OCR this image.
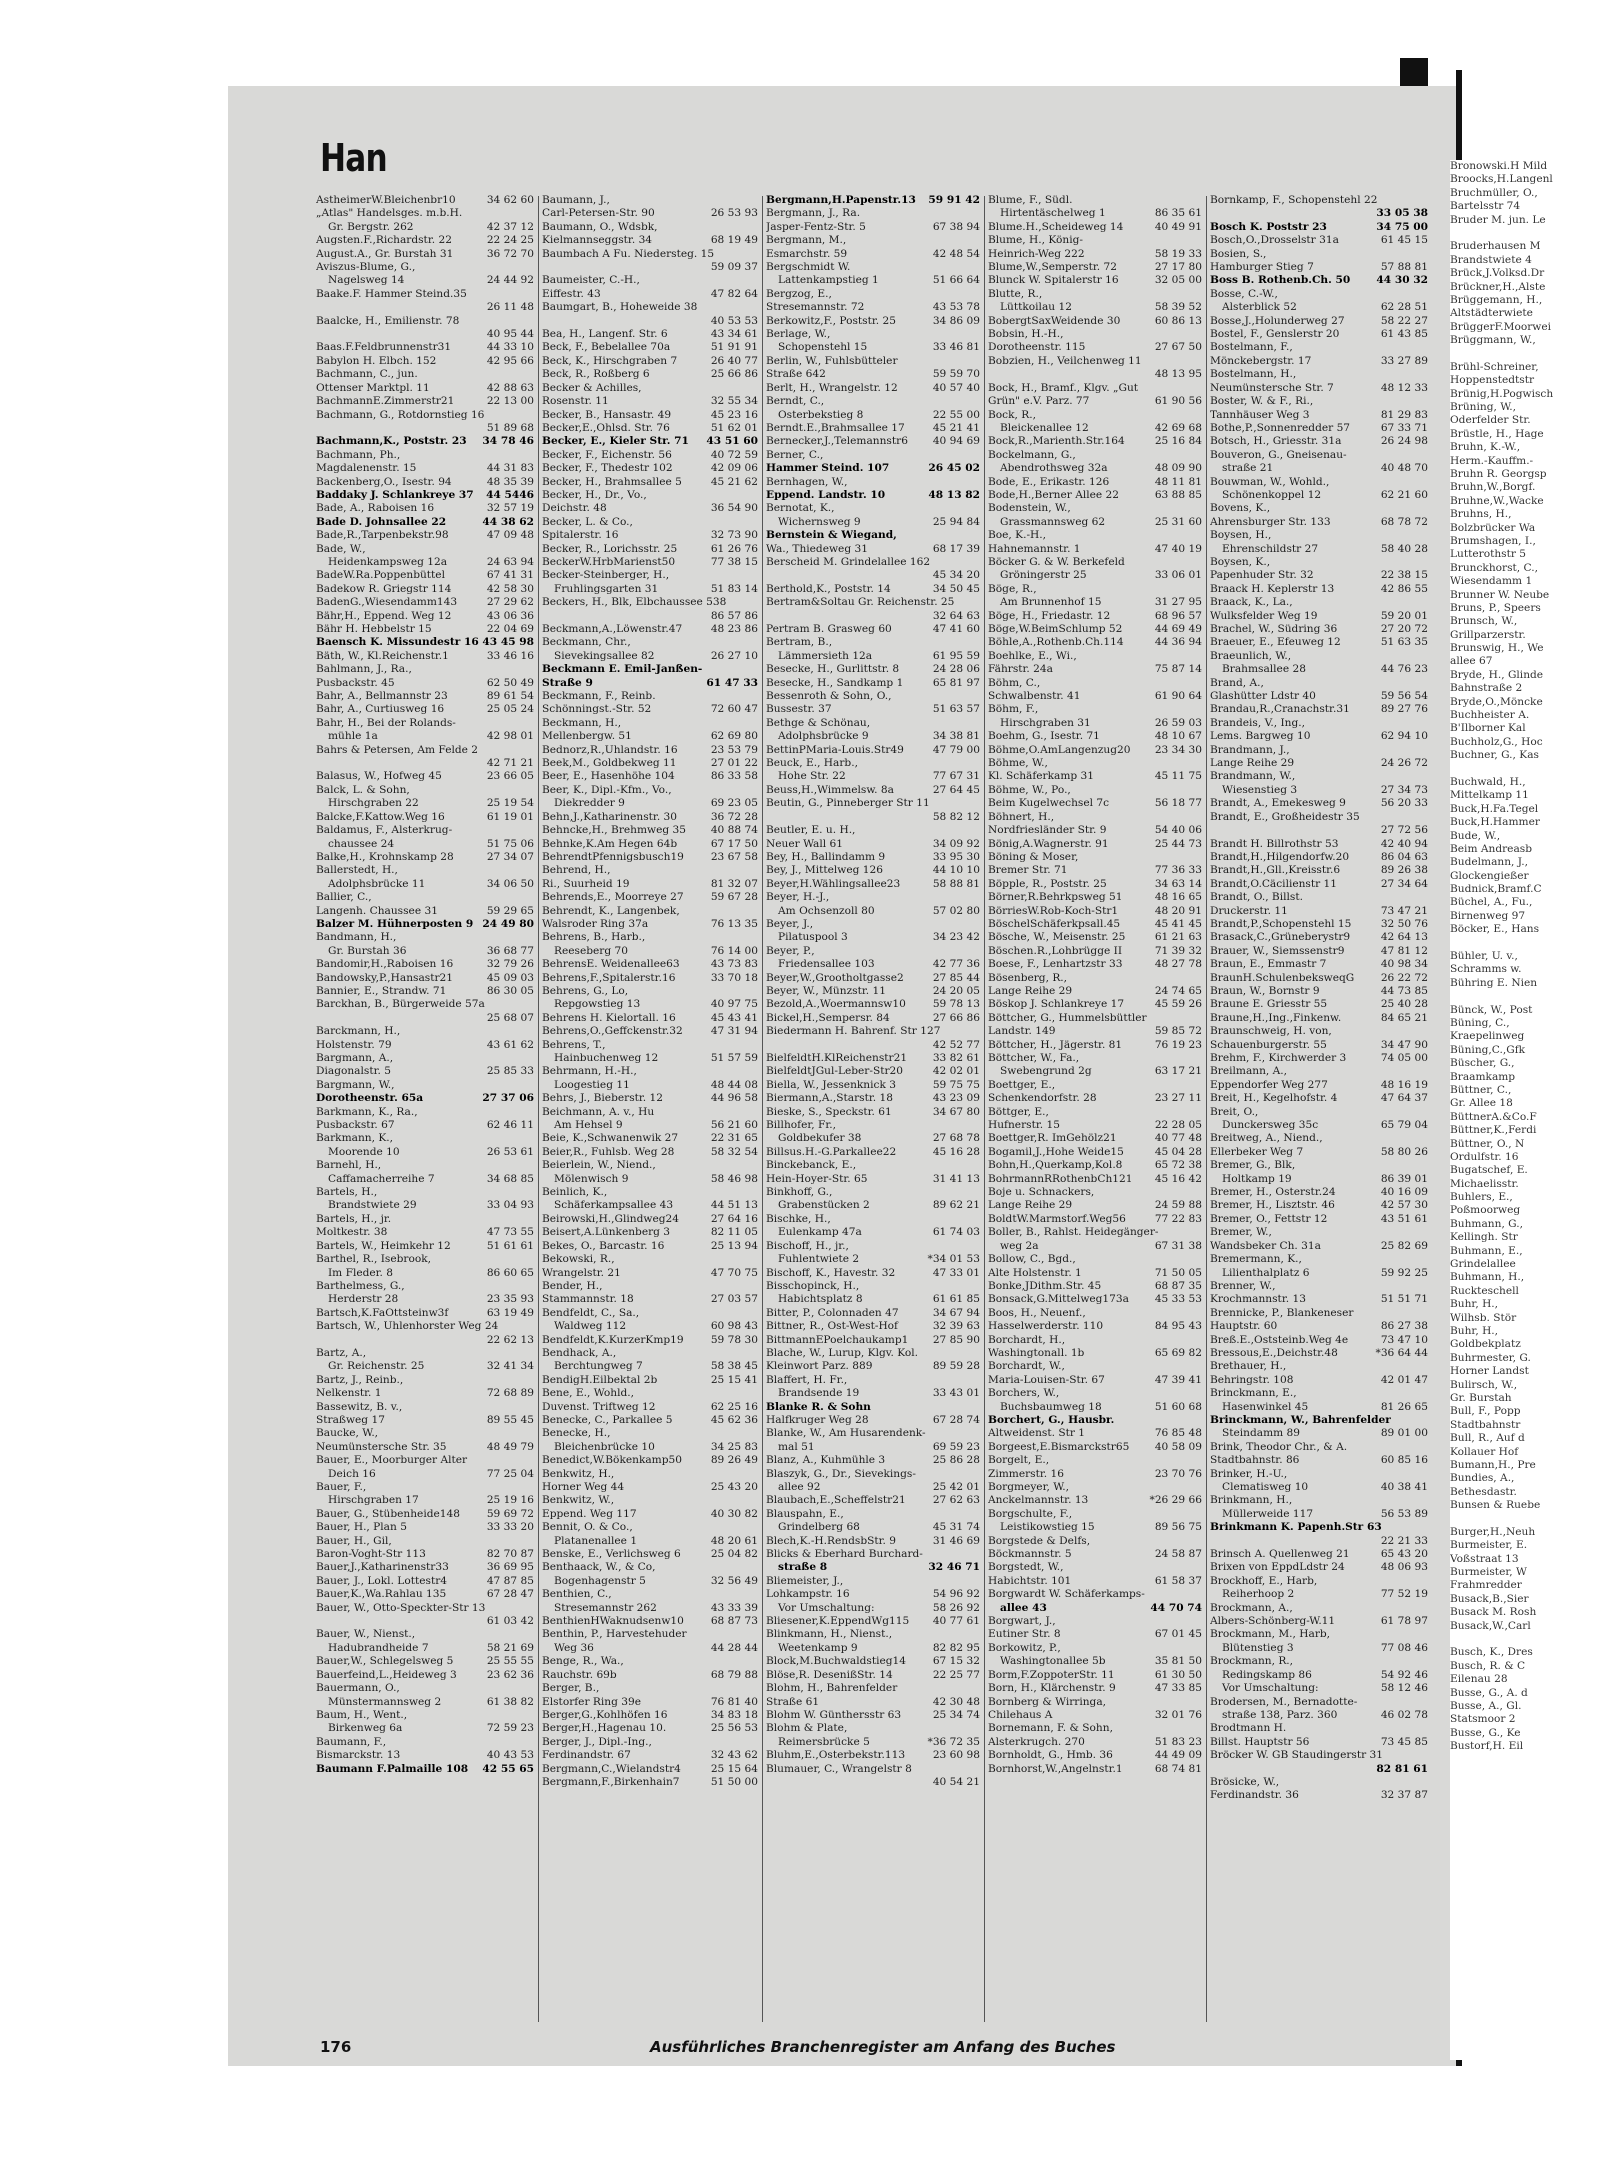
Han
34 62 60
AstheimerW.Bleichenbr10
„Atlas" Handelsges. m.b.H.
42 37 12
Gr. Bergstr. 262
22 24 25
Augsten.F.,Richardstr. 22
36 72 70
August.A., Gr. Burstah 31
Aviszus-Blume, G.,
24 44 92
Nagelsweg 14
Baake.F. Hammer Steind.35
26 11 48
Baalcke, H., Emilienstr. 78
40 95 44
44 33 10
Baas.F.Feldbrunnenstr31
42 95 66
Babylon H. Elbch. 152
Bachmann, C., jun.
42 88 63
Ottenser Marktpl. 11
22 13 00
BachmannE.Zimmerstr21
Bachmann, G., Rotdornstieg 16
51 89 68
34 78 46
Bachmann,K., Poststr. 23
Bachmann, Ph.,
44 31 83
Magdalenenstr. 15
48 35 39
Backenberg,O., Isestr. 94
44 5446
Baddaky J. Schlankreye 37
32 57 19
Bade, A., Raboisen 16
44 38 62
Bade D. Johnsallee 22
47 09 48
Bade,R.,Tarpenbekstr.98
Bade, W.,
24 63 94
Heidenkampsweg 12a
67 41 31
BadeW.Ra.Poppenbüttel
42 58 30
Badekow R. Griegstr 114
27 29 62
BadenG.,Wiesendamm143
43 06 36
Bähr,H., Eppend. Weg 12
22 04 69
Bähr H. Hebbelstr 15
43 45 98
Baensch K. Missundestr 16
33 46 16
Bäth, W., Kl.Reichenstr.1
Bahlmann, J., Ra.,
62 50 49
Pusbackstr. 45
89 61 54
Bahr, A., Bellmannstr 23
25 05 24
Bahr, A., Curtiusweg 16
Bahr, H., Bei der Rolands-
42 98 01
mühle 1a
Bahrs & Petersen, Am Felde 2
42 71 21
23 66 05
Balasus, W., Hofweg 45
Balck, L. & Sohn,
25 19 54
Hirschgraben 22
61 19 01
Balcke,F.Kattow.Weg 16
Baldamus, F., Alsterkrug-
51 75 06
chaussee 24
27 34 07
Balke,H., Krohnskamp 28
Ballerstedt, H.,
34 06 50
Adolphsbrücke 11
Ballier, C.,
59 29 65
Langenh. Chaussee 31
24 49 80
Balzer M. Hühnerposten 9
Bandmann, H.,
36 68 77
Gr. Burstah 36
32 79 26
Bandomir,H.,Raboisen 16
45 09 03
Bandowsky,P.,Hansastr21
86 30 05
Bannier, E., Strandw. 71
Barckhan, B., Bürgerweide 57a
25 68 07
Barckmann, H.,
43 61 62
Holstenstr. 79
Bargmann, A.,
25 85 33
Diagonalstr. 5
Bargmann, W.,
27 37 06
Dorotheenstr. 65a
Barkmann, K., Ra.,
62 46 11
Pusbackstr. 67
Barkmann, K.,
26 53 61
Moorende 10
Barnehl, H.,
34 68 85
Caffamacherreihe 7
Bartels, H.,
33 04 93
Brandstwiete 29
Bartels, H., jr.
47 73 55
Moltkestr. 38
51 61 61
Bartels, W., Heimkehr 12
Barthel, R., Isebrook,
86 60 65
Im Fleder. 8
Barthelmess, G.,
23 35 93
Herderstr 28
63 19 49
Bartsch,K.FaOttsteinw3f
Bartsch, W., Uhlenhorster Weg 24
22 62 13
Bartz, A.,
32 41 34
Gr. Reichenstr. 25
Bartz, J., Reinb.,
72 68 89
Nelkenstr. 1
Bassewitz, B. v.,
89 55 45
Straßweg 17
Baucke, W.,
48 49 79
Neumünstersche Str. 35
Bauer, E., Moorburger Alter
77 25 04
Deich 16
Bauer, F.,
25 19 16
Hirschgraben 17
59 69 72
Bauer, G., Stübenheide148
33 33 20
Bauer, H., Plan 5
Bauer, H., Gil,
82 70 87
Baron-Voght-Str 113
36 69 95
Bauer,J.,Katharinenstr33
47 87 85
Bauer, J., Lokl. Lottestr4
67 28 47
Bauer,K.,Wa.Rahlau 135
Bauer, W., Otto-Speckter-Str 13
61 03 42
Bauer, W., Nienst.,
58 21 69
Hadubrandheide 7
25 55 55
Bauer,W., Schlegelsweg 5
23 62 36
Bauerfeind,L.,Heideweg 3
Bauermann, O.,
61 38 82
Münstermannsweg 2
Baum, H., Went.,
72 59 23
Birkenweg 6a
Baumann, F.,
40 43 53
Bismarckstr. 13
42 55 65
Baumann F.Palmaille 108
Baumann, J.,
26 53 93
Carl-Petersen-Str. 90
Baumann, O., Wdsbk,
68 19 49
Kielmannseggstr. 34
Baumbach A Fu. Niedersteg. 15
59 09 37
Baumeister, C.-H.,
47 82 64
Eiffestr. 43
Baumgart, B., Hoheweide 38
40 53 53
43 34 61
Bea, H., Langenf. Str. 6
51 91 91
Beck, F., Bebelallee 70a
26 40 77
Beck, K., Hirschgraben 7
25 66 86
Beck, R., Roßberg 6
Becker & Achilles,
32 55 34
Rosenstr. 11
45 23 16
Becker, B., Hansastr. 49
51 62 01
Becker,E.,Ohlsd. Str. 76
43 51 60
Becker, E., Kieler Str. 71
40 72 59
Becker, F., Eichenstr. 56
42 09 06
Becker, F., Thedestr 102
45 21 62
Becker, H., Brahmsallee 5
Becker, H., Dr., Vo.,
36 54 90
Deichstr. 48
Becker, L. & Co.,
32 73 90
Spitalerstr. 16
61 26 76
Becker, R., Lorichsstr. 25
77 38 15
BeckerW.HrbMarienst50
Becker-Steinberger, H.,
51 83 14
Fruhlingsgarten 31
Beckers, H., Blk, Elbchaussee 538
86 57 86
48 23 86
Beckmann,A.,Löwenstr.47
Beckmann, Chr.,
26 27 10
Sievekingsallee 82
Beckmann E. Emil-Janßen-
61 47 33
Straße 9
Beckmann, F., Reinb.
72 60 47
Schönningst.-Str. 52
Beckmann, H.,
62 69 80
Mellenbergw. 51
23 53 79
Bednorz,R.,Uhlandstr. 16
27 01 22
Beek,M., Goldbekweg 11
86 33 58
Beer, E., Hasenhöhe 104
Beer, K., Dipl.-Kfm., Vo.,
69 23 05
Diekredder 9
36 72 28
Behn,J.,Katharinenstr. 30
40 88 74
Behncke,H., Brehmweg 35
67 17 50
Behnke,K.Am Hegen 64b
23 67 58
BehrendtPfennigsbusch19
Behrend, H.,
81 32 07
Ri., Suurheid 19
59 67 28
Behrends,E., Moorreye 27
Behrendt, K., Langenbek,
76 13 35
Walsroder Ring 37a
Behrens, B., Harb.,
76 14 00
Reeseberg 70
43 73 83
BehrensE. Weidenallee63
33 70 18
Behrens,F.,Spitalerstr.16
Behrens, G., Lo,
40 97 75
Repgowstieg 13
45 43 41
Behrens H. Kielortall. 16
47 31 94
Behrens,O.,Geffckenstr.32
Behrens, T.,
51 57 59
Hainbuchenweg 12
Behrmann, H.-H.,
48 44 08
Loogestieg 11
44 96 58
Behrs, J., Bieberstr. 12
Beichmann, A. v., Hu
56 21 60
Am Hehsel 9
22 31 65
Beie, K.,Schwanenwik 27
58 32 54
Beier,R., Fuhlsb. Weg 28
Beierlein, W., Niend.,
58 46 98
Mölenwisch 9
Beinlich, K.,
44 51 13
Schäferkampsallee 43
27 64 16
Beirowski,H.,Glindweg24
82 11 05
Beisert,A.Lünkenberg 3
25 13 94
Bekes, O., Barcastr. 16
Bekowski, R.,
47 70 75
Wrangelstr. 21
Bender, H.,
27 03 57
Stammannstr. 18
Bendfeldt, C., Sa.,
60 98 43
Waldweg 112
59 78 30
Bendfeldt,K.KurzerKmp19
Bendhack, A.,
58 38 45
Berchtungweg 7
25 15 41
BendigH.Eilbektal 2b
Bene, E., Wohld.,
62 25 16
Duvenst. Triftweg 12
45 62 36
Benecke, C., Parkallee 5
Benecke, H.,
34 25 83
Bleichenbrücke 10
89 26 49
Benedict,W.Bökenkamp50
Benkwitz, H.,
25 43 20
Horner Weg 44
Benkwitz, W.,
40 30 82
Eppend. Weg 117
Bennit, O. & Co.,
48 20 61
Platanenallee 1
25 04 82
Benske, E., Verlichsweg 6
Benthaack, W., & Co,
32 56 49
Bogenhagenstr 5
Benthien, C.,
43 33 39
Stresemannstr 262
68 87 73
BenthienHWaknudsenw10
Benthin, P., Harvestehuder
44 28 44
Weg 36
Benge, R., Wa.,
68 79 88
Rauchstr. 69b
Berger, B.,
76 81 40
Elstorfer Ring 39e
34 83 18
Berger,G.,Kohlhöfen 16
25 56 53
Berger,H.,Hagenau 10.
Berger, J., Dipl.-Ing.,
32 43 62
Ferdinandstr. 67
25 15 64
Bergmann,C.,Wielandstr4
51 50 00
Bergmann,F.,Birkenhain7
59 91 42
Bergmann,H.Papenstr.13
Bergmann, J., Ra.
67 38 94
Jasper-Fentz-Str. 5
Bergmann, M.,
42 48 54
Esmarchstr. 59
Bergschmidt W.
51 66 64
Lattenkampstieg 1
Bergzog, E.,
43 53 78
Stresemannstr. 72
34 86 09
Berkowitz,F., Poststr. 25
Berlage, W.,
33 46 81
Schopenstehl 15
Berlin, W., Fuhlsbütteler
59 59 70
Straße 642
40 57 40
Berlt, H., Wrangelstr. 12
Berndt, C.,
22 55 00
Osterbekstieg 8
45 21 41
Berndt.E.,Brahmsallee 17
40 94 69
Bernecker,J.,Telemannstr6
Berner, C.,
26 45 02
Hammer Steind. 107
Bernhagen, W.,
48 13 82
Eppend. Landstr. 10
Bernotat, K.,
25 94 84
Wichernsweg 9
Bernstein & Wiegand,
68 17 39
Wa., Thiedeweg 31
Berscheid M. Grindelallee 162
45 34 20
34 50 45
Berthold,K., Poststr. 14
Bertram&Soltau Gr. Reichenstr. 25
32 64 63
47 41 60
Pertram B. Grasweg 60
Bertram, B.,
61 95 59
Lämmersieth 12a
24 28 06
Besecke, H., Gurlittstr. 8
65 81 97
Besecke, H., Sandkamp 1
Bessenroth & Sohn, O.,
51 63 57
Bussestr. 37
Bethge & Schönau,
34 38 81
Adolphsbrücke 9
47 79 00
BettinPMaria-Louis.Str49
Beuck, E., Harb.,
77 67 31
Hohe Str. 22
27 64 45
Beuss,H.,Wimmelsw. 8a
Beutin, G., Pinneberger Str 11
58 82 12
Beutler, E. u. H.,
34 09 92
Neuer Wall 61
33 95 30
Bey, H., Ballindamm 9
44 10 10
Bey, J., Mittelweg 126
58 88 81
Beyer,H.Wählingsallee23
Beyer, H.-J.,
57 02 80
Am Ochsenzoll 80
Beyer, J.,
34 23 42
Pilatuspool 3
Beyer, P.,
42 77 36
Friedensallee 103
27 85 44
Beyer,W.,Grootholtgasse2
24 20 05
Beyer, W., Münzstr. 11
59 78 13
Bezold,A.,Woermannsw10
27 66 86
Bickel,H.,Sempersr. 84
Biedermann H. Bahrenf. Str 127
42 52 77
33 82 61
BielfeldtH.KlReichenstr21
42 02 01
BielfeldtJGul-Leber-Str20
59 75 75
Biella, W., Jessenknick 3
43 23 09
Biermann,A.,Starstr. 18
34 67 80
Bieske, S., Speckstr. 61
Billhofer, Fr.,
27 68 78
Goldbekufer 38
45 16 28
Billsus.H.-G.Parkallee22
Binckebanck, E.,
31 41 13
Hein-Hoyer-Str. 65
Binkhoff, G.,
89 62 21
Grabenstücken 2
Bischke, H.,
61 74 03
Eulenkamp 47a
Bischoff, H., jr.,
*34 01 53
Fuhlentwiete 2
47 33 01
Bischoff, K., Havestr. 32
Bisschopinck, H.,
61 61 85
Habichtsplatz 8
34 67 94
Bitter, P., Colonnaden 47
32 39 63
Bittner, R., Ost-West-Hof
27 85 90
BittmannEPoelchaukamp1
Blache, W., Lurup, Klgv. Kol.
89 59 28
Kleinwort Parz. 889
Blaffert, H. Fr.,
33 43 01
Brandsende 19
Blanke R. & Sohn
67 28 74
Halfkruger Weg 28
Blanke, W., Am Husarendenk-
69 59 23
mal 51
25 86 28
Blanz, A., Kuhmühle 3
Blaszyk, G., Dr., Sievekings-
25 42 01
allee 92
27 62 63
Blaubach,E.,Scheffelstr21
Blauspahn, E.,
45 31 74
Grindelberg 68
31 46 69
Blech,K.-H.RendsbStr. 9
Blicks & Eberhard Burchard-
32 46 71
straße 8
Bliemeister, J.,
54 96 92
Lohkampstr. 16
58 26 92
Vor Umschaltung:
40 77 61
Bliesener,K.EppendWg115
Blinkmann, H., Nienst.,
82 82 95
Weetenkamp 9
67 15 32
Block,M.Buchwaldstieg14
22 25 77
Blöse,R. DesenißStr. 14
Blohm, H., Bahrenfelder
42 30 48
Straße 61
25 34 74
Blohm W. Günthersstr 63
Blohm & Plate,
*36 72 35
Reimersbrücke 5
23 60 98
Bluhm,E.,Osterbekstr.113
Blumauer, C., Wrangelstr 8
40 54 21
Blume, F., Südl.
86 35 61
Hirtentäschelweg 1
40 49 91
Blume.H.,Scheideweg 14
Blume, H., König-
58 19 33
Heinrich-Weg 222
27 17 80
Blume,W.,Semperstr. 72
32 05 00
Blunck W. Spitalerstr 16
Blutte, R.,
58 39 52
Lüttkoilau 12
60 86 13
BobergtSaxWeidende 30
Bobsin, H.-H.,
27 67 50
Dorotheenstr. 115
Bobzien, H., Veilchenweg 11
48 13 95
Bock, H., Bramf., Klgv. „Gut
61 90 56
Grün" e.V. Parz. 77
Bock, R.,
42 69 68
Bleickenallee 12
25 16 84
Bock,R.,Marienth.Str.164
Bockelmann, G.,
48 09 90
Abendrothsweg 32a
48 11 81
Bode, E., Erikastr. 126
63 88 85
Bode,H.,Berner Allee 22
Bodenstein, W.,
25 31 60
Grassmannsweg 62
Boe, K.-H.,
47 40 19
Hahnemannstr. 1
Böcker G. & W. Berkefeld
33 06 01
Gröningerstr 25
Böge, R.,
31 27 95
Am Brunnenhof 15
68 96 57
Böge, H., Friedastr. 12
44 69 49
Böge,W.BeimSchlump 52
44 36 94
Böhle,A.,Rothenb.Ch.114
Boehlke, E., Wi.,
75 87 14
Fährstr. 24a
Böhm, C.,
61 90 64
Schwalbenstr. 41
Böhm, F.,
26 59 03
Hirschgraben 31
48 10 67
Boehm, G., Isestr. 71
23 34 30
Böhme,O.AmLangenzug20
Böhme, W.,
45 11 75
Kl. Schäferkamp 31
Böhme, W., Po.,
56 18 77
Beim Kugelwechsel 7c
Böhnert, H.,
54 40 06
Nordfriesländer Str. 9
25 44 73
Bönig,A.Wagnerstr. 91
Böning & Moser,
77 36 33
Bremer Str. 71
34 63 14
Böpple, R., Poststr. 25
48 16 65
Börner,R.Behrkpsweg 51
48 20 91
BörriesW.Rob-Koch-Str1
45 41 45
BöschelSchäferkpsall.45
61 21 63
Bösche, W., Meisenstr. 25
71 39 32
Böschen.R.,Lohbrügge II
48 27 78
Boese, F., Lenhartzstr 33
Bösenberg, R.,
24 74 65
Lange Reihe 29
45 59 26
Böskop J. Schlankreye 17
Böttcher, G., Hummelsbüttler
59 85 72
Landstr. 149
76 19 23
Böttcher, H., Jägerstr. 81
Böttcher, W., Fa.,
63 17 21
Swebengrund 2g
Boettger, E.,
23 27 11
Schenkendorfstr. 28
Böttger, E.,
22 28 05
Hufnerstr. 15
40 77 48
Boettger,R. ImGehölz21
45 04 28
Bogamil,J.,Hohe Weide15
65 72 38
Bohn,H.,Querkamp,Kol.8
45 16 42
BohrmannRRothenbCh121
Boje u. Schnackers,
24 59 88
Lange Reihe 29
77 22 83
BoldtW.Marmstorf.Weg56
Boller, B., Rahlst. Heidegänger-
67 31 38
weg 2a
Bollow, C., Bgd.,
71 50 05
Alte Holstenstr. 1
68 87 35
Bonke,JDithm.Str. 45
45 33 53
Bonsack,G.Mittelweg173a
Boos, H., Neuenf.,
84 95 43
Hasselwerderstr. 110
Borchardt, H.,
65 69 82
Washingtonall. 1b
Borchardt, W.,
47 39 41
Maria-Louisen-Str. 67
Borchers, W.,
51 60 68
Buchsbaumweg 18
Borchert, G., Hausbr.
76 85 48
Altweidenst. Str 1
40 58 09
Borgeest,E.Bismarckstr65
Borgelt, E.,
23 70 76
Zimmerstr. 16
Borgmeyer, W.,
*26 29 66
Anckelmannstr. 13
Borgschulte, F.,
89 56 75
Leistikowstieg 15
Borgstede & Delfs,
24 58 87
Böckmannstr. 5
Borgstedt, W.,
61 58 37
Habichtstr. 101
Borgwardt W. Schäferkamps-
44 70 74
allee 43
Borgwart, J.,
67 01 45
Eutiner Str. 8
Borkowitz, P.,
35 81 50
Washingtonallee 5b
61 30 50
Borm,F.ZoppoterStr. 11
47 33 85
Born, H., Klärchenstr. 9
Bornberg & Wirringa,
32 01 76
Chilehaus A
Bornemann, F. & Sohn,
51 83 23
Alsterkrugch. 270
44 49 09
Bornholdt, G., Hmb. 36
68 74 81
Bornhorst,W.,Angelnstr.1
Bornkamp, F., Schopenstehl 22
33 05 38
34 75 00
Bosch K. Poststr 23
61 45 15
Bosch,O.,Drosselstr 31a
Bosien, S.,
57 88 81
Hamburger Stieg 7
44 30 32
Boss B. Rothenb.Ch. 50
Bosse, C.-W.,
62 28 51
Alsterblick 52
58 22 27
Bosse,J.,Holunderweg 27
61 43 85
Bostel, F., Genslerstr 20
Bostelmann, F.,
33 27 89
Mönckebergstr. 17
Bostelmann, H.,
48 12 33
Neumünstersche Str. 7
Boster, W. & F., Ri.,
81 29 83
Tannhäuser Weg 3
67 33 71
Bothe,P.,Sonnenredder 57
26 24 98
Botsch, H., Griesstr. 31a
Bouveron, G., Gneisenau-
40 48 70
straße 21
Bouwman, W., Wohld.,
62 21 60
Schönenkoppel 12
Bovens, K.,
68 78 72
Ahrensburger Str. 133
Boysen, H.,
58 40 28
Ehrenschildstr 27
Boysen, K.,
22 38 15
Papenhuder Str. 32
42 86 55
Braack H. Keplerstr 13
Braack, K., La.,
59 20 01
Wulksfelder Weg 19
27 20 72
Brachel, W., Südring 36
51 63 35
Braeuer, E., Efeuweg 12
Braeunlich, W.,
44 76 23
Brahmsallee 28
Brand, A.,
59 56 54
Glashütter Ldstr 40
89 27 76
Brandau,R.,Cranachstr.31
Brandeis, V., Ing.,
62 94 10
Lems. Bargweg 10
Brandmann, J.,
24 26 72
Lange Reihe 29
Brandmann, W.,
27 34 73
Wiesenstieg 3
56 20 33
Brandt, A., Emekesweg 9
Brandt, E., Großheidestr 35
27 72 56
42 40 94
Brandt H. Billrothstr 53
86 04 63
Brandt,H.,Hilgendorfw.20
89 26 38
Brandt,H.,Gll.,Kreisstr.6
27 34 64
Brandt,O.Cäcilienstr 11
Brandt, O., Billst.
73 47 21
Druckerstr. 11
32 50 76
Brandt,P.,Schopenstehl 15
42 64 13
Brasack,C.,Grüneberystr9
47 81 12
Brauer, W., Siemssenstr9
40 98 34
Braun, E., Emmastr 7
26 22 72
BraunH.SchulenbeksweqG
44 73 85
Braun, W., Bornstr 9
25 40 28
Braune E. Griesstr 55
84 65 21
Braune,H.,Ing.,Finkenw.
Braunschweig, H. von,
34 47 90
Schauenburgerstr. 55
74 05 00
Brehm, F., Kirchwerder 3
Breilmann, A.,
48 16 19
Eppendorfer Weg 277
47 64 37
Breit, H., Kegelhofstr. 4
Breit, O.,
65 79 04
Dunckersweg 35c
Breitweg, A., Niend.,
58 80 26
Ellerbeker Weg 7
Bremer, G., Blk,
86 39 01
Holtkamp 19
40 16 09
Bremer, H., Osterstr.24
42 57 30
Bremer, H., Lisztstr. 46
43 51 61
Bremer, O., Fettstr 12
Bremer, W.,
25 82 69
Wandsbeker Ch. 31a
Bremermann, K.,
59 92 25
Lilienthalplatz 6
Brenner, W.,
51 51 71
Krochmannstr. 13
Brennicke, P., Blankeneser
86 27 38
Hauptstr. 60
73 47 10
Breß.E.,Oststeinb.Weg 4e
*36 64 44
Bressous,E.,Deichstr.48
Brethauer, H.,
42 01 47
Behringstr. 108
Brinckmann, E.,
81 26 65
Hasenwinkel 45
Brinckmann, W., Bahrenfelder
89 01 00
Steindamm 89
Brink, Theodor Chr., & A.
60 85 16
Stadtbahnstr. 86
Brinker, H.-U.,
40 38 41
Clematisweg 10
Brinkmann, H.,
56 53 89
Müllerweide 117
Brinkmann K. Papenh.Str 63
22 21 33
65 43 20
Brinsch A. Quellenweg 21
48 06 93
Brixen von EppdLdstr 24
Brockhoff, E., Harb,
77 52 19
Reiherhoop 2
Brockmann, A.,
61 78 97
Albers-Schönberg-W.11
Brockmann, M., Harb,
77 08 46
Blütenstieg 3
Brockmann, R.,
54 92 46
Redingskamp 86
58 12 46
Vor Umschaltung:
Brodersen, M., Bernadotte-
46 02 78
straße 138, Parz. 360
Brodtmann H.
73 45 85
Billst. Hauptstr 56
Bröcker W. GB Staudingerstr 31
82 81 61
Brösicke, W.,
32 37 87
Ferdinandstr. 36
176	Ausführliches Branchenregister am Anfang des Buches
Bronowski.H Mild
Broocks,H.Langenl
Bruchmüller, O.,
Bartelsstr 74
Bruder M. jun. Le
Bruderhausen M
Brandstwiete 4
Brück,J.Volksd.Dr
Brückner,H.,Alste
Brüggemann, H.,
Altstädterwiete
BrüggerF.Moorwei
Brüggmann, W.,
Brühl-Schreiner,
Hoppenstedtstr
Brünig,H.Pogwisch
Brüning, W.,
Oderfelder Str.
Brüstle, H., Hage
Bruhn, K.-W.,
Herm.-Kauffm.-
Bruhn R. Georgsp
Bruhn,W.,Borgf.
Bruhne,W.,Wacke
Bruhns, H.,
Bolzbrücker Wa
Brumshagen, I.,
Lutterothstr 5
Brunckhorst, C.,
Wiesendamm 1
Brunner W. Neube
Bruns, P., Speers
Brunsch, W.,
Grillparzerstr.
Brunswig, H., We
allee 67
Bryde, H., Glinde
Bahnstraße 2
Bryde,O.,Möncke
Buchheister A.
B'Ilborner Kal
Buchholz,G., Hoc
Buchner, G., Kas
Buchwald, H.,
Mittelkamp 11
Buck,H.Fa.Tegel
Buck,H.Hammer
Bude, W.,
Beim Andreasb
Budelmann, J.,
Glockengießer
Budnick,Bramf.C
Büchel, A., Fu.,
Birnenweg 97
Böcker, E., Hans
Bühler, U. v.,
Schramms w.
Bühring E. Nien
Bünck, W., Post
Büning, C.,
Kraepelinweg
Büning,C.,Gfk
Büscher, G.,
Braamkamp
Büttner, C.,
Gr. Allee 18
BüttnerA.&Co.F
Büttner,K.,Ferdi
Büttner, O., N
Ordulfstr. 16
Bugatschef, E.
Michaelisstr.
Buhlers, E.,
Poßmoorweg
Buhmann, G.,
Kellingh. Str
Buhmann, E.,
Grindelallee
Buhmann, H.,
Ruckteschell
Buhr, H.,
Wilhsb. Stör
Buhr, H.,
Goldbekplatz
Buhrmester, G.
Horner Landst
Bulirsch, W.,
Gr. Burstah
Bull, F., Popp
Stadtbahnstr
Bull, R., Auf d
Kollauer Hof
Bumann,H., Pre
Bundies, A.,
Bethesdastr.
Bunsen & Ruebe
Burger,H.,Neuh
Burmeister, E.
Voßstraat 13
Burmeister, W
Frahmredder
Busack,B.,Sier
Busack M. Rosh
Busack,W.,Carl
Busch, K., Dres
Busch, R. & C
Eilenau 28
Busse, G., A. d
Busse, A., Gl.
Statsmoor 2
Busse, G., Ke
Bustorf,H. Eil
